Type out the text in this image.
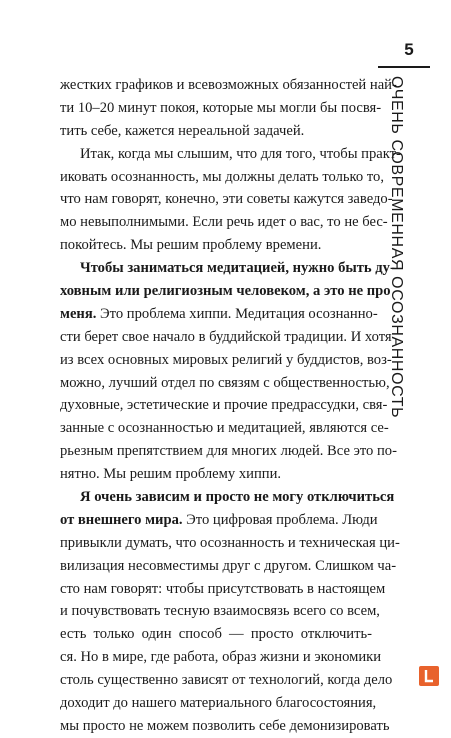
5
ОЧЕНЬ СОВРЕМЕННАЯ ОСОЗНАННОСТЬ
жестких графиков и всевозможных обязанностей най-
ти 10–20 минут покоя, которые мы могли бы посвя-
тить себе, кажется нереальной задачей.
Итак, когда мы слышим, что для того, чтобы практ-
иковать осознанность, мы должны делать только то,
что нам говорят, конечно, эти советы кажутся заведо-
мо невыполнимыми. Если речь идет о вас, то не бес-
покойтесь. Мы решим проблему времени.
Чтобы заниматься медитацией, нужно быть ду-
ховным или религиозным человеком, а это не про
меня. Это проблема хиппи. Медитация осознанно-
сти берет свое начало в буддийской традиции. И хотя
из всех основных мировых религий у буддистов, воз-
можно, лучший отдел по связям с общественностью,
духовные, эстетические и прочие предрассудки, свя-
занные с осознанностью и медитацией, являются се-
рьезным препятствием для многих людей. Все это по-
нятно. Мы решим проблему хиппи.
Я очень зависим и просто не могу отключиться
от внешнего мира. Это цифровая проблема. Люди
привыкли думать, что осознанность и техническая ци-
вилизация несовместимы друг с другом. Слишком ча-
сто нам говорят: чтобы присутствовать в настоящем
и почувствовать тесную взаимосвязь всего со всем,
есть только один способ — просто отключить-
ся. Но в мире, где работа, образ жизни и экономики
столь существенно зависят от технологий, когда дело
доходит до нашего материального благосостояния,
мы просто не можем позволить себе демонизировать
